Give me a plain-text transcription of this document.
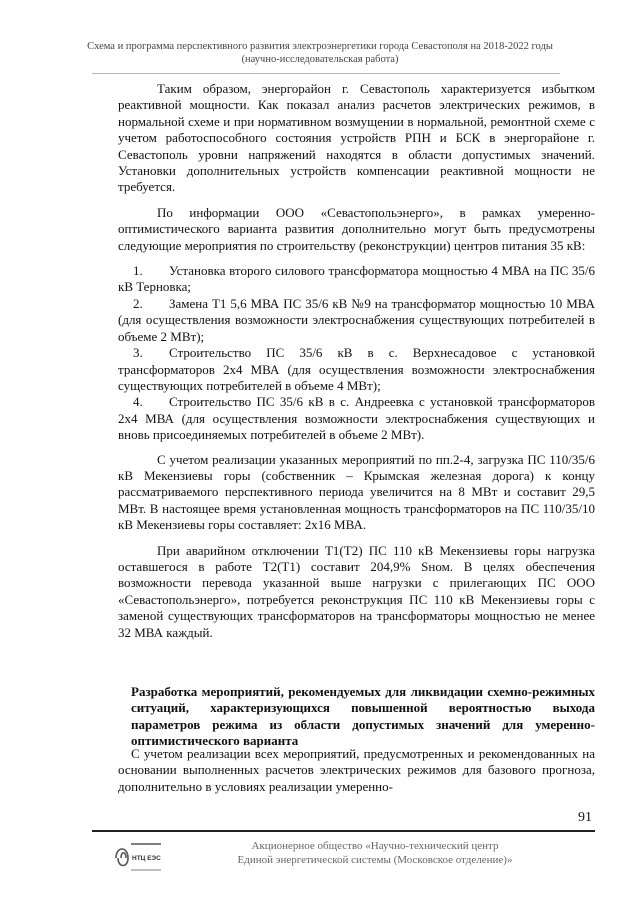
Схема и программа перспективного развития электроэнергетики города Севастополя на 2018-2022 годы
(научно-исследовательская работа)

Таким образом, энергорайон г. Севастополь характеризуется избытком реактивной мощности. Как показал анализ расчетов электрических режимов, в нормальной схеме и при нормативном возмущении в нормальной, ремонтной схеме с учетом работоспособного состояния устройств РПН и БСК в энергорайоне г. Севастополь уровни напряжений находятся в области допустимых значений. Установки дополнительных устройств компенсации реактивной мощности не требуется.

По информации ООО «Севастопольэнерго», в рамках умеренно-оптимистического варианта развития дополнительно могут быть предусмотрены следующие мероприятия по строительству (реконструкции) центров питания 35 кВ:

1. Установка второго силового трансформатора мощностью 4 МВА на ПС 35/6 кВ Терновка;
2. Замена Т1 5,6 МВА ПС 35/6 кВ №9 на трансформатор мощностью 10 МВА (для осуществления возможности электроснабжения существующих потребителей в объеме 2 МВт);
3. Строительство ПС 35/6 кВ в с. Верхнесадовое с установкой трансформаторов 2х4 МВА (для осуществления возможности электроснабжения существующих потребителей в объеме 4 МВт);
4. Строительство ПС 35/6 кВ в с. Андреевка с установкой трансформаторов 2х4 МВА (для осуществления возможности электроснабжения существующих и вновь присоединяемых потребителей в объеме 2 МВт).

С учетом реализации указанных мероприятий по пп.2-4, загрузка ПС 110/35/6 кВ Мекензиевы горы (собственник – Крымская железная дорога) к концу рассматриваемого перспективного периода увеличится на 8 МВт и составит 29,5 МВт. В настоящее время установленная мощность трансформаторов на ПС 110/35/10 кВ Мекензиевы горы составляет: 2х16 МВА.

При аварийном отключении Т1(Т2) ПС 110 кВ Мекензиевы горы нагрузка оставшегося в работе Т2(Т1) составит 204,9% Sном. В целях обеспечения возможности перевода указанной выше нагрузки с прилегающих ПС ООО «Севастопольэнерго», потребуется реконструкция ПС 110 кВ Мекензиевы горы с заменой существующих трансформаторов на трансформаторы мощностью не менее 32 МВА каждый.

Разработка мероприятий, рекомендуемых для ликвидации схемно-режимных ситуаций, характеризующихся повышенной вероятностью выхода параметров режима из области допустимых значений для умеренно-оптимистического варианта

С учетом реализации всех мероприятий, предусмотренных и рекомендованных на основании выполненных расчетов электрических режимов для базового прогноза, дополнительно в условиях реализации умеренно-

91
НТЦ ЕЭС
Акционерное общество «Научно-технический центр
Единой энергетической системы (Московское отделение)»
